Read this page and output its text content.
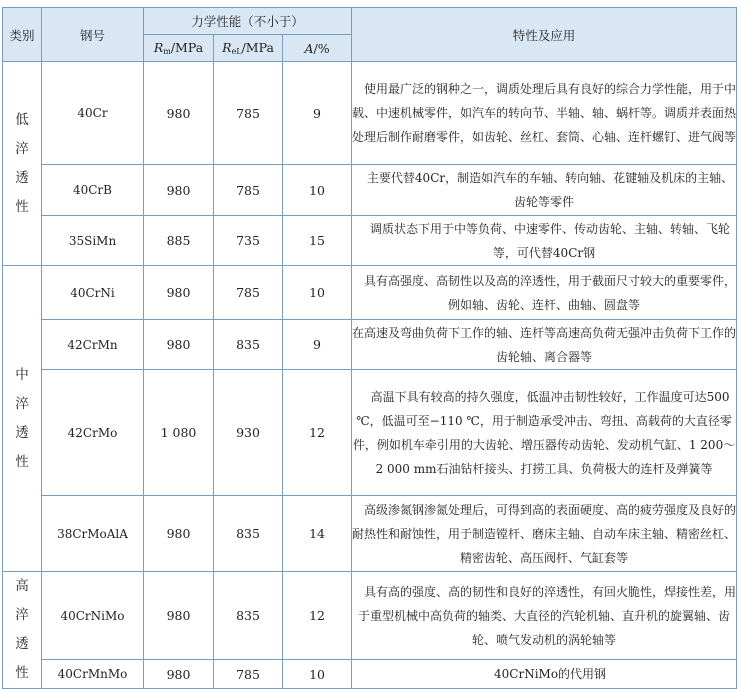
类别	钢号	力学性能（不小于）			特性及应用
		$R_m$/MPa	$R_{eL}$/MPa	A/%	

低
淬
透
性	40Cr	980	785	9	使用最广泛的钢种之一，调质处理后具有良好的综合力学性能，用于中载、中速机械零件，如汽车的转向节、半轴、轴、蜗杆等。调质并表面热处理后制作耐磨零件，如齿轮、丝杠、套筒、心轴、连杆螺钉、进气阀等
	40CrB	980	785	10	主要代替40Cr，制造如汽车的车轴、转向轴、花键轴及机床的主轴、齿轮等零件
	35SiMn	885	735	15	调质状态下用于中等负荷、中速零件、传动齿轮、主轴、转轴、飞轮等，可代替40Cr钢

中
淬
透
性	40CrNi	980	785	10	具有高强度、高韧性以及高的淬透性，用于截面尺寸较大的重要零件，例如轴、齿轮、连杆、曲轴、圆盘等
	42CrMn	980	835	9	在高速及弯曲负荷下工作的轴、连杆等高速高负荷无强冲击负荷下工作的齿轮轴、离合器等
	42CrMo	1 080	930	12	高温下具有较高的持久强度，低温冲击韧性较好，工作温度可达500 ℃，低温可至−110 ℃，用于制造承受冲击、弯扭、高载荷的大直径零件，例如机车牵引用的大齿轮、增压器传动齿轮、发动机气缸、1 200～2 000 mm石油钻杆接头、打捞工具、负荷极大的连杆及弹簧等
	38CrMoAlA	980	835	14	高级渗氮钢渗氮处理后，可得到高的表面硬度、高的疲劳强度及良好的耐热性和耐蚀性，用于制造镗杆、磨床主轴、自动车床主轴、精密丝杠、精密齿轮、高压阀杆、气缸套等

高
淬
透
性	40CrNiMo	980	835	12	具有高的强度、高的韧性和良好的淬透性，有回火脆性，焊接性差，用于重型机械中高负荷的轴类、大直径的汽轮机轴、直升机的旋翼轴、齿轮、喷气发动机的涡轮轴等
	40CrMnMo	980	785	10	40CrNiMo的代用钢
